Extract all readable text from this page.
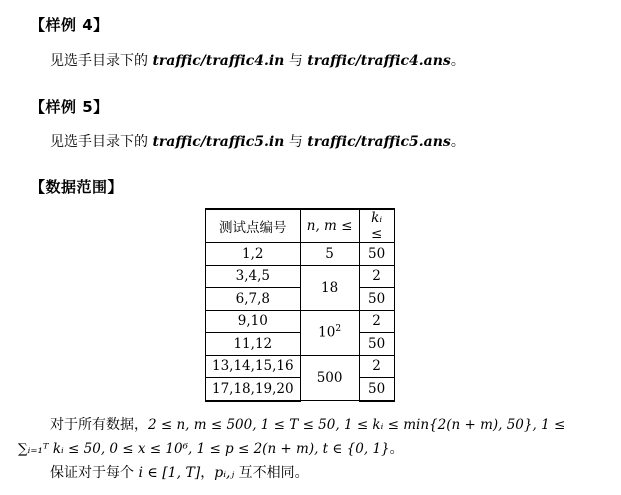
【样例 4】
见选手目录下的 traffic/traffic4.in 与 traffic/traffic4.ans。
【样例 5】
见选手目录下的 traffic/traffic5.in 与 traffic/traffic5.ans。
【数据范围】
测试点编号	n, m ≤	kᵢ ≤
1,2	5	50
3,4,5	18	2
6,7,8		50
9,10	$10^2$	2
11,12		50
13,14,15,16	500	2
17,18,19,20		50
对于所有数据，2 ≤ n, m ≤ 500, 1 ≤ T ≤ 50, 1 ≤ kᵢ ≤ min{2(n + m), 50}, 1 ≤
∑ᵢ₌₁ᵀ kᵢ ≤ 50, 0 ≤ x ≤ 10⁶, 1 ≤ p ≤ 2(n + m), t ∈ {0, 1}。
保证对于每个 i ∈ [1, T]，pᵢ,ⱼ 互不相同。
